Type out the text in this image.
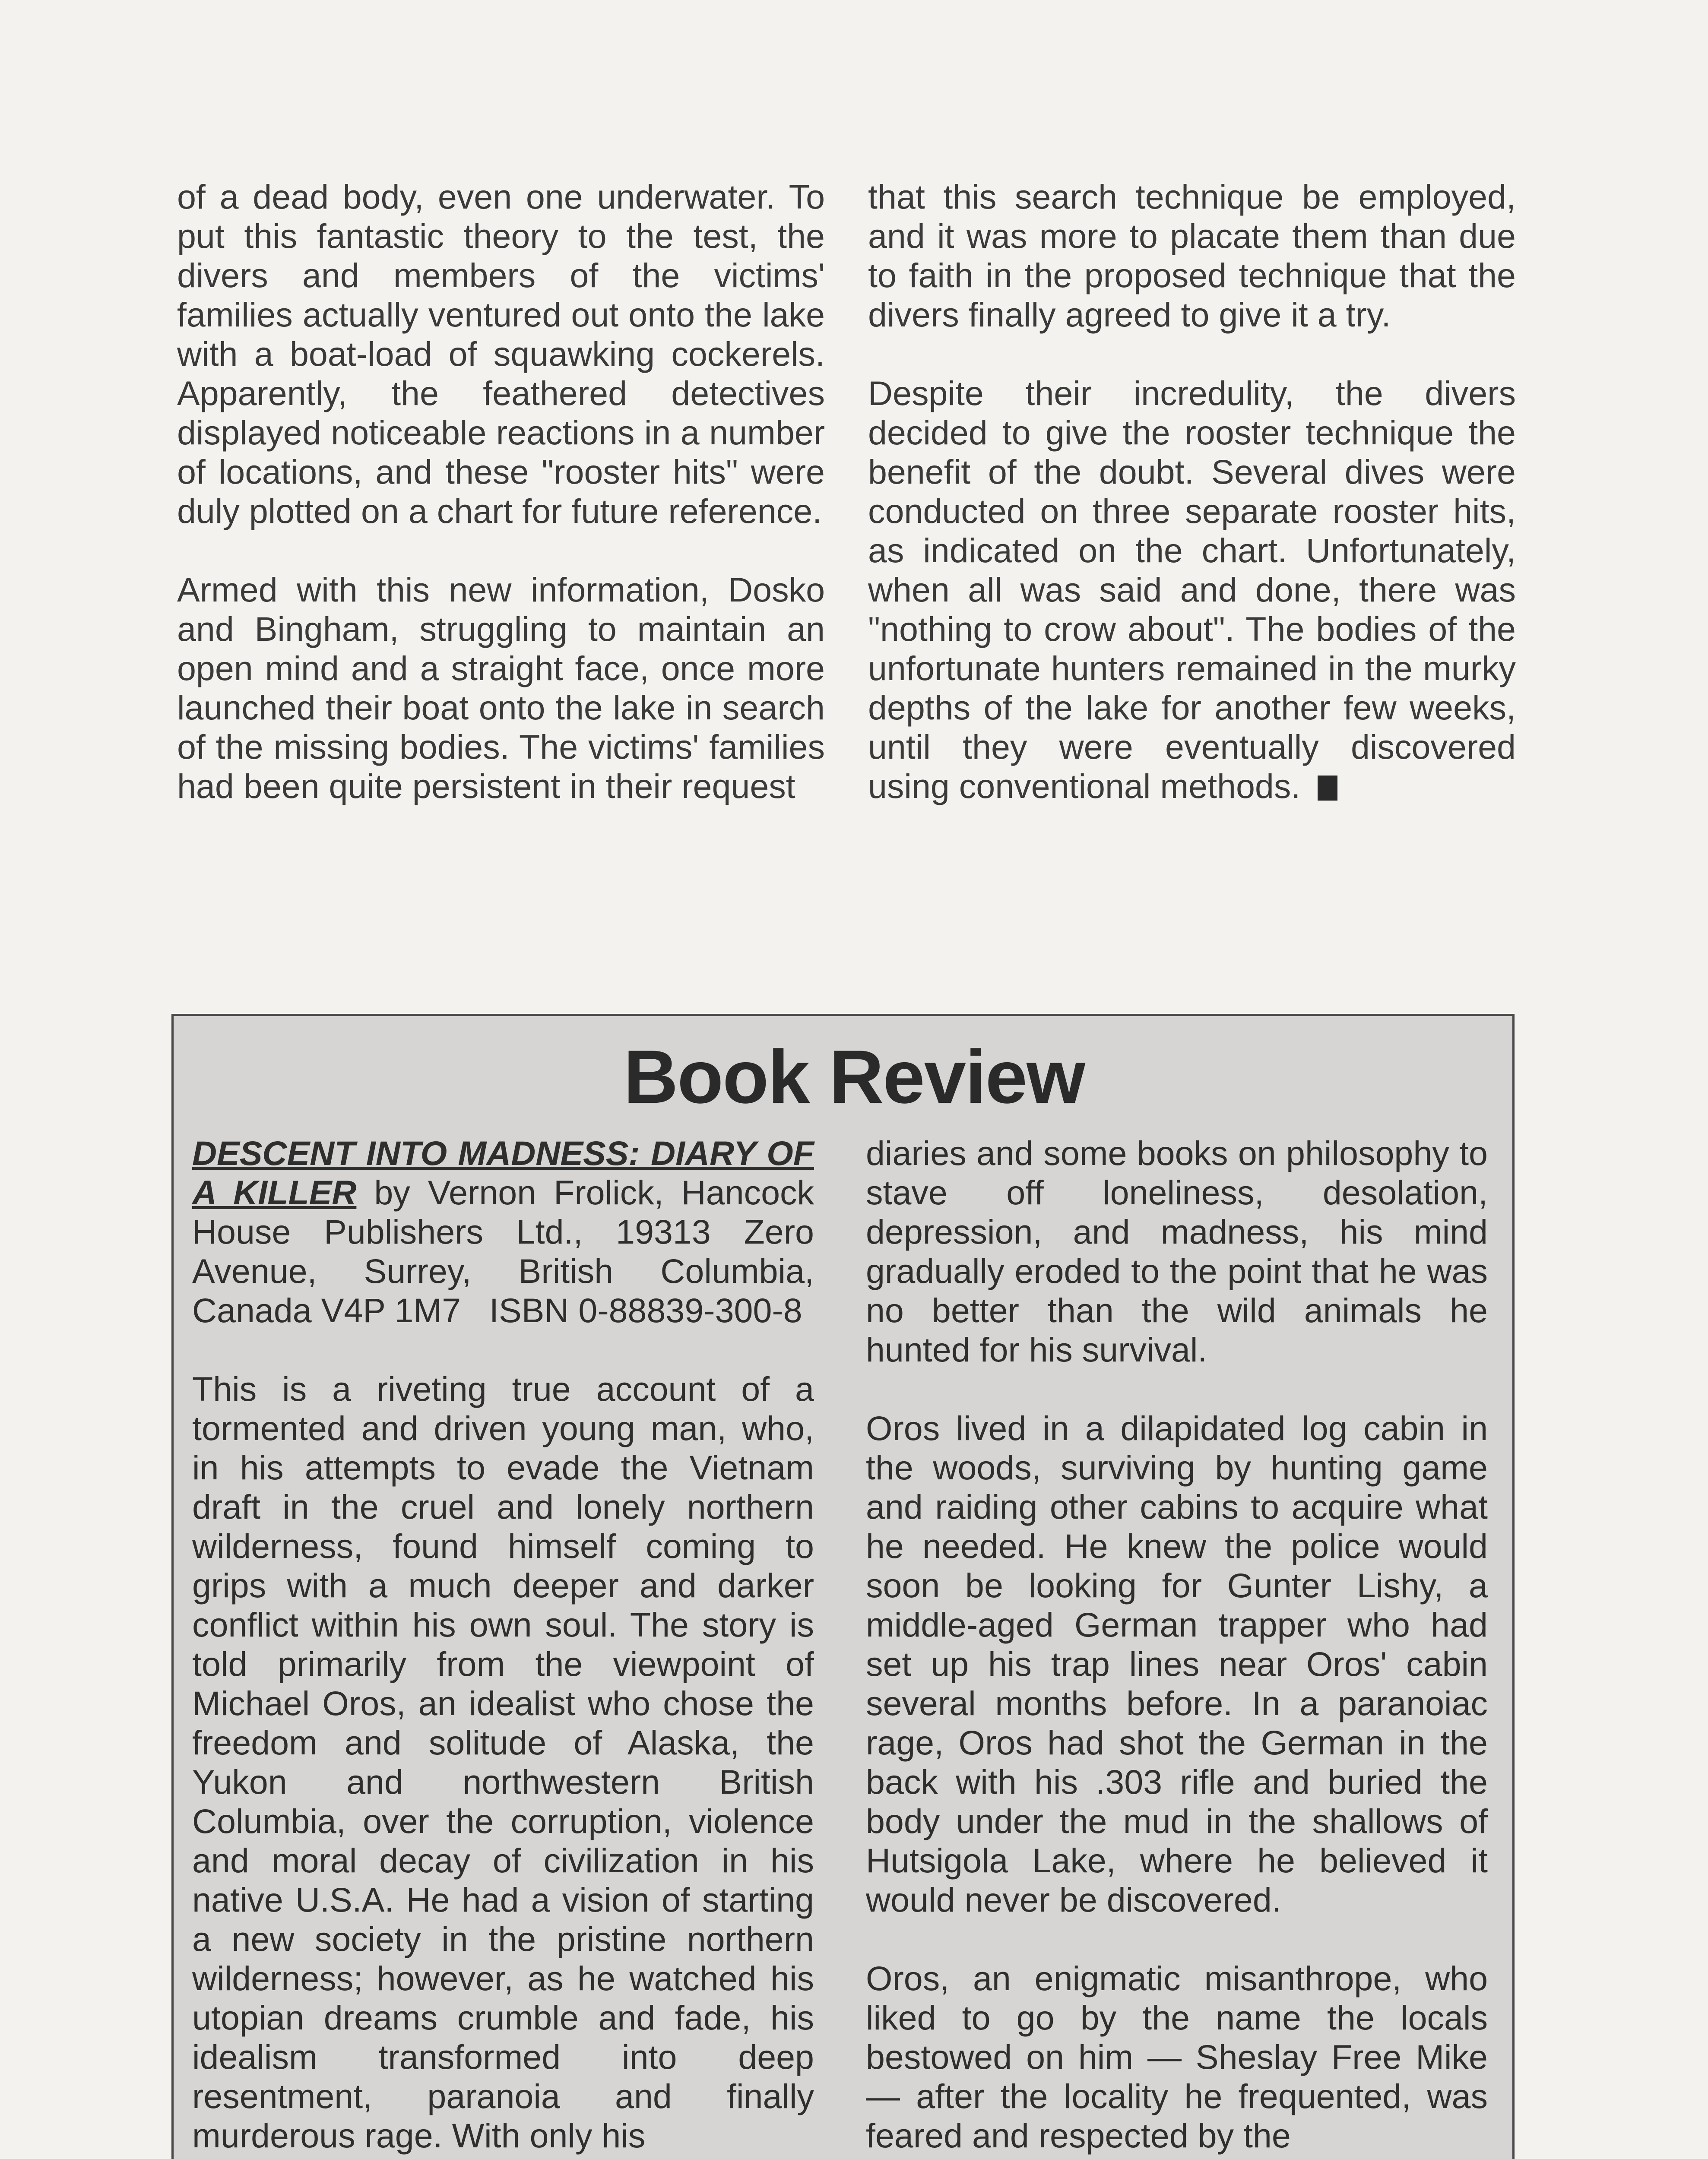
of a dead body, even one underwater. To put this fantastic theory to the test, the divers and members of the victims' families actually ventured out onto the lake with a boat-load of squawking cockerels. Apparently, the feathered detectives displayed noticeable reactions in a number of locations, and these "rooster hits" were duly plotted on a chart for future reference.

Armed with this new information, Dosko and Bingham, struggling to maintain an open mind and a straight face, once more launched their boat onto the lake in search of the missing bodies. The victims' families had been quite persistent in their request

that this search technique be employed, and it was more to placate them than due to faith in the proposed technique that the divers finally agreed to give it a try.

Despite their incredulity, the divers decided to give the rooster technique the benefit of the doubt. Several dives were conducted on three separate rooster hits, as indicated on the chart. Unfortunately, when all was said and done, there was "nothing to crow about". The bodies of the unfortunate hunters remained in the murky depths of the lake for another few weeks, until they were eventually discovered using conventional methods.

Book Review

DESCENT INTO MADNESS: DIARY OF A KILLER by Vernon Frolick, Hancock House Publishers Ltd., 19313 Zero Avenue, Surrey, British Columbia, Canada V4P 1M7   ISBN 0-88839-300-8

This is a riveting true account of a tormented and driven young man, who, in his attempts to evade the Vietnam draft in the cruel and lonely northern wilderness, found himself coming to grips with a much deeper and darker conflict within his own soul. The story is told primarily from the viewpoint of Michael Oros, an idealist who chose the freedom and solitude of Alaska, the Yukon and northwestern British Columbia, over the corruption, violence and moral decay of civilization in his native U.S.A. He had a vision of starting a new society in the pristine northern wilderness; however, as he watched his utopian dreams crumble and fade, his idealism transformed into deep resentment, paranoia and finally murderous rage. With only his

diaries and some books on philosophy to stave off loneliness, desolation, depression, and madness, his mind gradually eroded to the point that he was no better than the wild animals he hunted for his survival.

Oros lived in a dilapidated log cabin in the woods, surviving by hunting game and raiding other cabins to acquire what he needed. He knew the police would soon be looking for Gunter Lishy, a middle-aged German trapper who had set up his trap lines near Oros' cabin several months before. In a paranoiac rage, Oros had shot the German in the back with his .303 rifle and buried the body under the mud in the shallows of Hutsigola Lake, where he believed it would never be discovered.

Oros, an enigmatic misanthrope, who liked to go by the name the locals bestowed on him — Sheslay Free Mike — after the locality he frequented, was feared and respected by the
